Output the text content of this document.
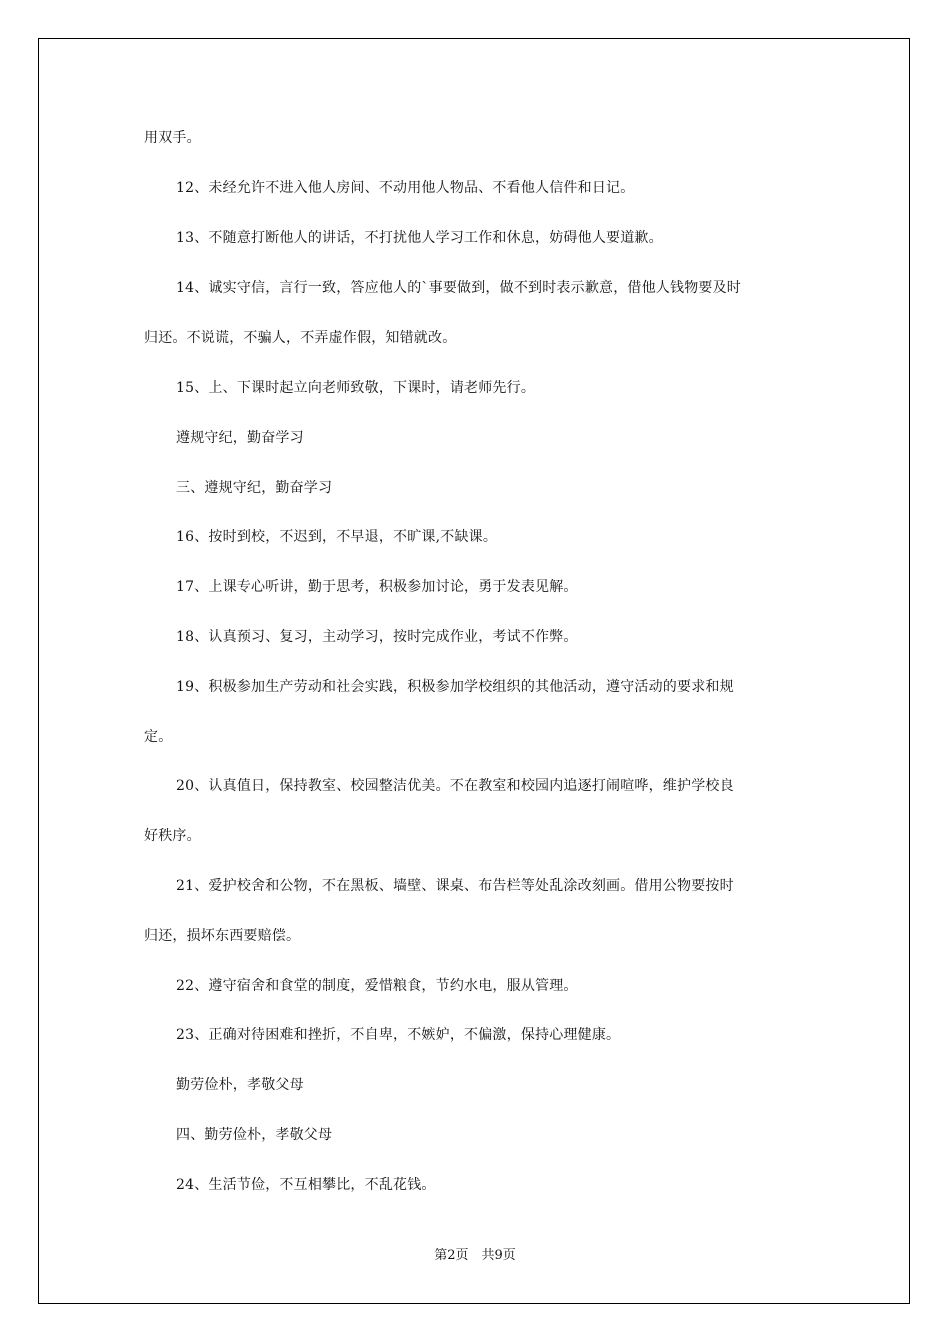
用双手。
12、未经允许不进入他人房间、不动用他人物品、不看他人信件和日记。
13、不随意打断他人的讲话，不打扰他人学习工作和休息，妨碍他人要道歉。
14、诚实守信，言行一致，答应他人的`事要做到，做不到时表示歉意，借他人钱物要及时
归还。不说谎，不骗人，不弄虚作假，知错就改。
15、上、下课时起立向老师致敬，下课时，请老师先行。
遵规守纪，勤奋学习
三、遵规守纪，勤奋学习
16、按时到校，不迟到，不早退，不旷课,不缺课。
17、上课专心听讲，勤于思考，积极参加讨论，勇于发表见解。
18、认真预习、复习，主动学习，按时完成作业，考试不作弊。
19、积极参加生产劳动和社会实践，积极参加学校组织的其他活动，遵守活动的要求和规
定。
20、认真值日，保持教室、校园整洁优美。不在教室和校园内追逐打闹喧哗，维护学校良
好秩序。
21、爱护校舍和公物，不在黑板、墙壁、课桌、布告栏等处乱涂改刻画。借用公物要按时
归还，损坏东西要赔偿。
22、遵守宿舍和食堂的制度，爱惜粮食，节约水电，服从管理。
23、正确对待困难和挫折，不自卑，不嫉妒，不偏激，保持心理健康。
勤劳俭朴，孝敬父母
四、勤劳俭朴，孝敬父母
24、生活节俭，不互相攀比，不乱花钱。
第2页　共9页
